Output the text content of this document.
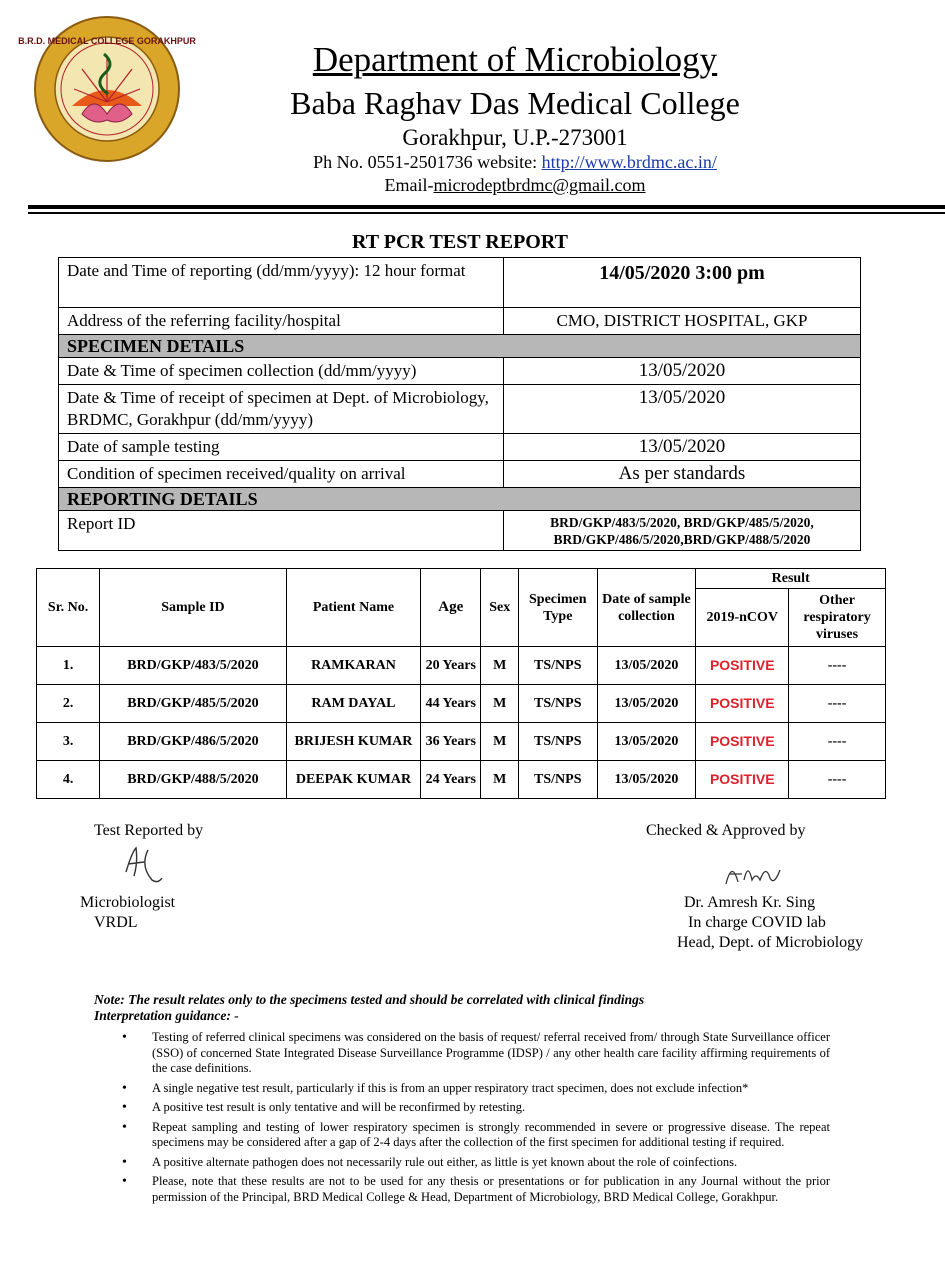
B.R.D. MEDICAL COLLEGE GORAKHPUR	Department of Microbiology
Baba Raghav Das Medical College
Gorakhpur, U.P.-273001
Ph No. 0551-2501736 website: http://www.brdmc.ac.in/
Email-microdeptbrdmc@gmail.com
RT PCR TEST REPORT
Date and Time of reporting (dd/mm/yyyy): 12 hour format	14/05/2020 3:00 pm
Address of the referring facility/hospital	CMO, DISTRICT HOSPITAL, GKP
SPECIMEN DETAILS	
Date & Time of specimen collection (dd/mm/yyyy)	13/05/2020
Date & Time of receipt of specimen at Dept. of Microbiology, BRDMC, Gorakhpur (dd/mm/yyyy)	13/05/2020
Date of sample testing	13/05/2020
Condition of specimen received/quality on arrival	As per standards
REPORTING DETAILS	
Report ID	BRD/GKP/483/5/2020, BRD/GKP/485/5/2020, BRD/GKP/486/5/2020,BRD/GKP/488/5/2020
Sr. No.	Sample ID	Patient Name	Age	Sex	Specimen Type	Date of sample collection	Result	
							2019-nCOV	Other respiratory viruses
1.	BRD/GKP/483/5/2020	RAMKARAN	20 Years	M	TS/NPS	13/05/2020	POSITIVE	----
2.	BRD/GKP/485/5/2020	RAM DAYAL	44 Years	M	TS/NPS	13/05/2020	POSITIVE	----
3.	BRD/GKP/486/5/2020	BRIJESH KUMAR	36 Years	M	TS/NPS	13/05/2020	POSITIVE	----
4.	BRD/GKP/488/5/2020	DEEPAK KUMAR	24 Years	M	TS/NPS	13/05/2020	POSITIVE	----
Test Reported by
Microbiologist
VRDL
Checked & Approved by
Dr. Amresh Kr. Sing
In charge COVID lab
Head, Dept. of Microbiology
Note: The result relates only to the specimens tested and should be correlated with clinical findings
Interpretation guidance: -
• Testing of referred clinical specimens was considered on the basis of request/ referral received from/ through State Surveillance officer (SSO) of concerned State Integrated Disease Surveillance Programme (IDSP) / any other health care facility affirming requirements of the case definitions.
• A single negative test result, particularly if this is from an upper respiratory tract specimen, does not exclude infection*
• A positive test result is only tentative and will be reconfirmed by retesting.
• Repeat sampling and testing of lower respiratory specimen is strongly recommended in severe or progressive disease. The repeat specimens may be considered after a gap of 2-4 days after the collection of the first specimen for additional testing if required.
• A positive alternate pathogen does not necessarily rule out either, as little is yet known about the role of coinfections.
• Please, note that these results are not to be used for any thesis or presentations or for publication in any Journal without the prior permission of the Principal, BRD Medical College & Head, Department of Microbiology, BRD Medical College, Gorakhpur.
